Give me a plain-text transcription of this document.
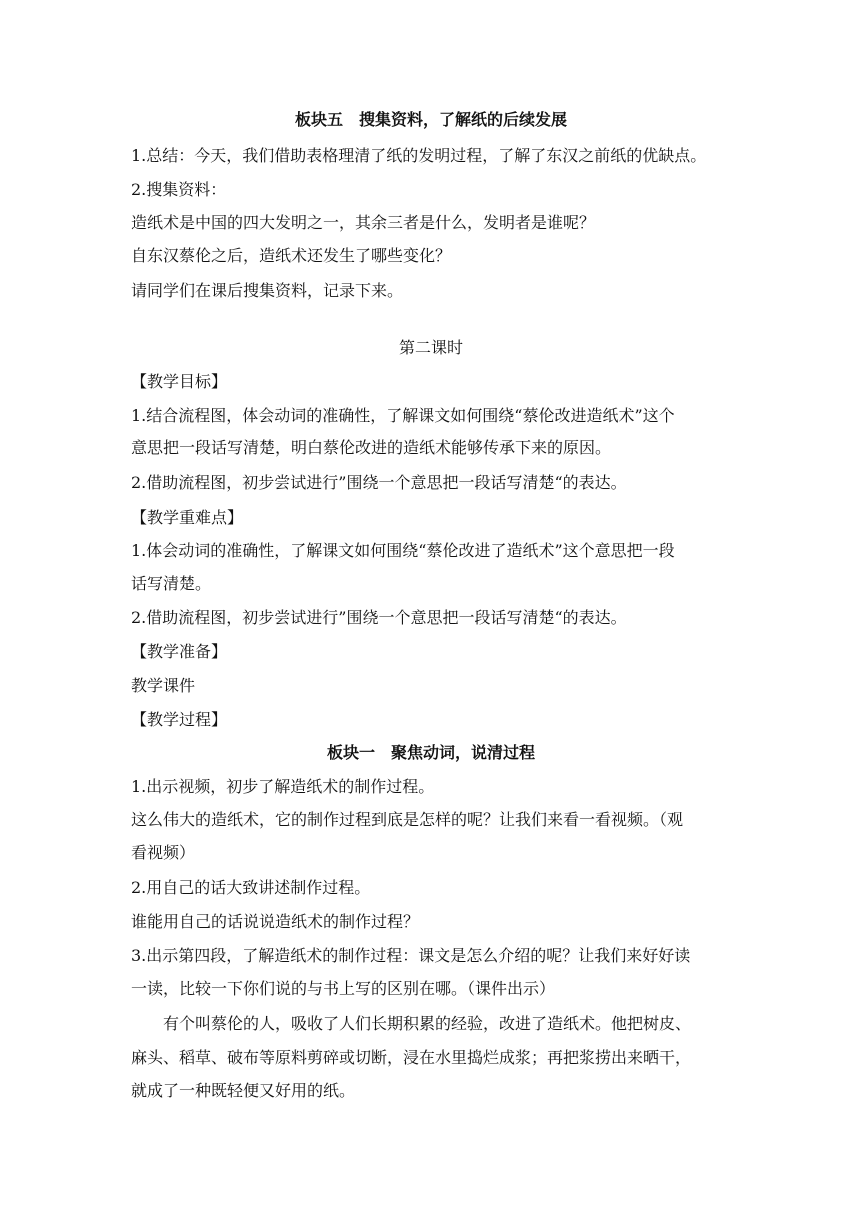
板块五　搜集资料，了解纸的后续发展
1.总结：今天，我们借助表格理清了纸的发明过程，了解了东汉之前纸的优缺点。
2.搜集资料：
造纸术是中国的四大发明之一，其余三者是什么，发明者是谁呢？
自东汉蔡伦之后，造纸术还发生了哪些变化？
请同学们在课后搜集资料，记录下来。
第二课时
【教学目标】
1.结合流程图，体会动词的准确性，了解课文如何围绕“蔡伦改进造纸术”这个
意思把一段话写清楚，明白蔡伦改进的造纸术能够传承下来的原因。
2.借助流程图，初步尝试进行”围绕一个意思把一段话写清楚“的表达。
【教学重难点】
1.体会动词的准确性，了解课文如何围绕“蔡伦改进了造纸术”这个意思把一段
话写清楚。
2.借助流程图，初步尝试进行”围绕一个意思把一段话写清楚“的表达。
【教学准备】
教学课件
【教学过程】
板块一　聚焦动词，说清过程
1.出示视频，初步了解造纸术的制作过程。
这么伟大的造纸术，它的制作过程到底是怎样的呢？让我们来看一看视频。（观
看视频）
2.用自己的话大致讲述制作过程。
谁能用自己的话说说造纸术的制作过程？
3.出示第四段，了解造纸术的制作过程：课文是怎么介绍的呢？让我们来好好读
一读，比较一下你们说的与书上写的区别在哪。（课件出示）
有个叫蔡伦的人，吸收了人们长期积累的经验，改进了造纸术。他把树皮、
麻头、稻草、破布等原料剪碎或切断，浸在水里捣烂成浆；再把浆捞出来晒干，
就成了一种既轻便又好用的纸。
